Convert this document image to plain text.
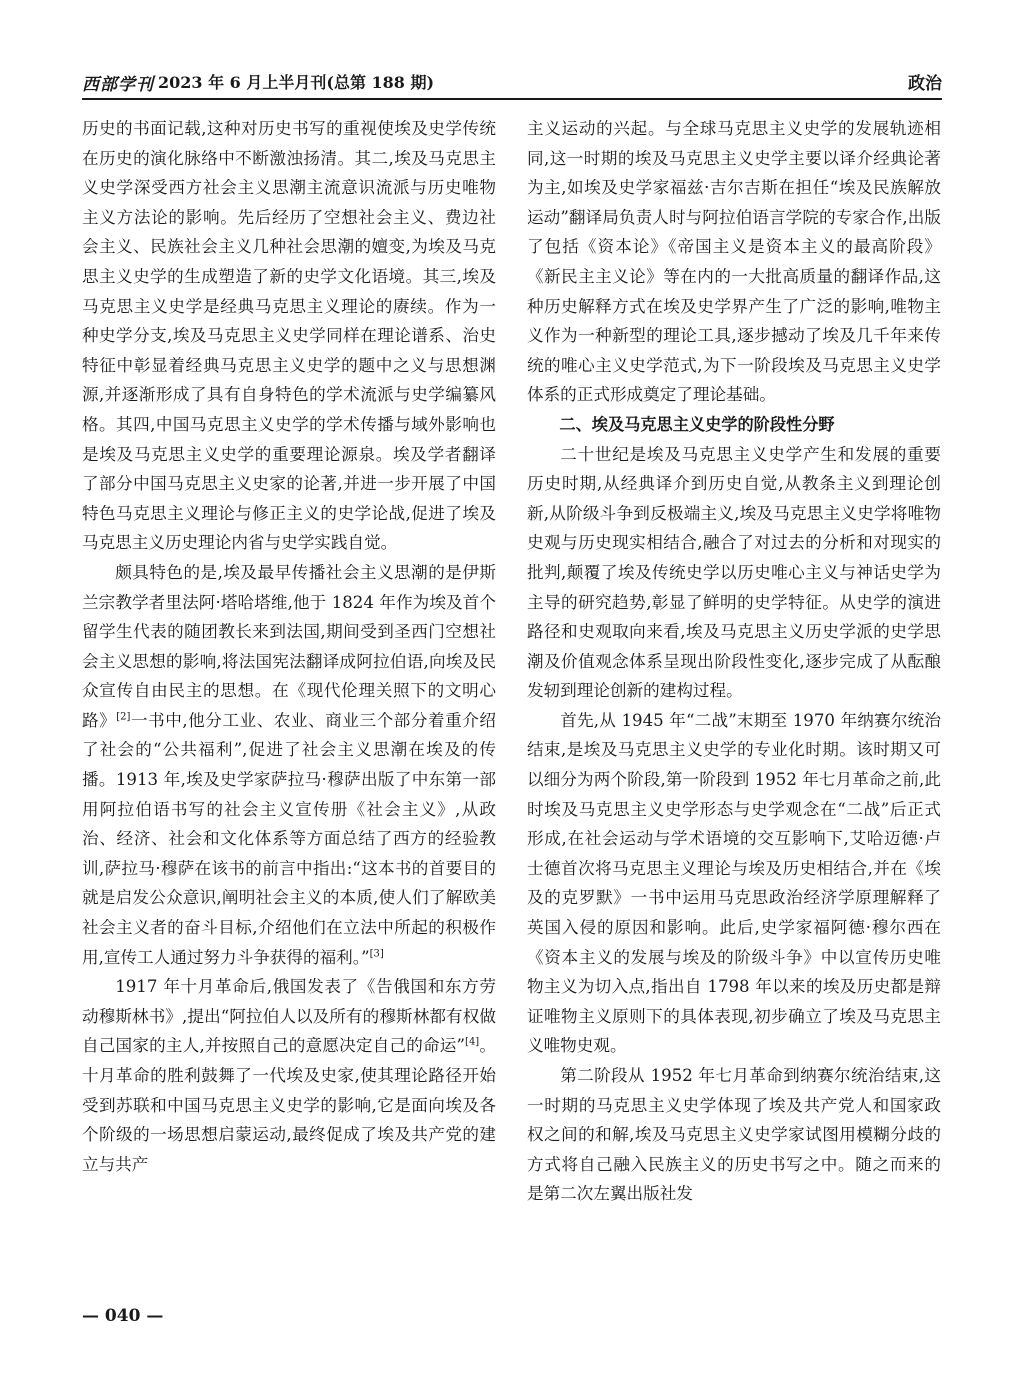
西部学刊 2023 年 6 月上半月刊(总第 188 期)	政治

历史的书面记载,这种对历史书写的重视使埃及史学传统在历史的演化脉络中不断激浊扬清。其二,埃及马克思主义史学深受西方社会主义思潮主流意识流派与历史唯物主义方法论的影响。先后经历了空想社会主义、费边社会主义、民族社会主义几种社会思潮的嬗变,为埃及马克思主义史学的生成塑造了新的史学文化语境。其三,埃及马克思主义史学是经典马克思主义理论的赓续。作为一种史学分支,埃及马克思主义史学同样在理论谱系、治史特征中彰显着经典马克思主义史学的题中之义与思想渊源,并逐渐形成了具有自身特色的学术流派与史学编纂风格。其四,中国马克思主义史学的学术传播与域外影响也是埃及马克思主义史学的重要理论源泉。埃及学者翻译了部分中国马克思主义史家的论著,并进一步开展了中国特色马克思主义理论与修正主义的史学论战,促进了埃及马克思主义历史理论内省与史学实践自觉。

颇具特色的是,埃及最早传播社会主义思潮的是伊斯兰宗教学者里法阿·塔哈塔维,他于 1824 年作为埃及首个留学生代表的随团教长来到法国,期间受到圣西门空想社会主义思想的影响,将法国宪法翻译成阿拉伯语,向埃及民众宣传自由民主的思想。在《现代伦理关照下的文明心路》[2]一书中,他分工业、农业、商业三个部分着重介绍了社会的“公共福利”,促进了社会主义思潮在埃及的传播。1913 年,埃及史学家萨拉马·穆萨出版了中东第一部用阿拉伯语书写的社会主义宣传册《社会主义》,从政治、经济、社会和文化体系等方面总结了西方的经验教训,萨拉马·穆萨在该书的前言中指出:“这本书的首要目的就是启发公众意识,阐明社会主义的本质,使人们了解欧美社会主义者的奋斗目标,介绍他们在立法中所起的积极作用,宣传工人通过努力斗争获得的福利。”[3]

1917 年十月革命后,俄国发表了《告俄国和东方劳动穆斯林书》,提出“阿拉伯人以及所有的穆斯林都有权做自己国家的主人,并按照自己的意愿决定自己的命运”[4]。十月革命的胜利鼓舞了一代埃及史家,使其理论路径开始受到苏联和中国马克思主义史学的影响,它是面向埃及各个阶级的一场思想启蒙运动,最终促成了埃及共产党的建立与共产

主义运动的兴起。与全球马克思主义史学的发展轨迹相同,这一时期的埃及马克思主义史学主要以译介经典论著为主,如埃及史学家福兹·吉尔吉斯在担任“埃及民族解放运动”翻译局负责人时与阿拉伯语言学院的专家合作,出版了包括《资本论》《帝国主义是资本主义的最高阶段》《新民主主义论》等在内的一大批高质量的翻译作品,这种历史解释方式在埃及史学界产生了广泛的影响,唯物主义作为一种新型的理论工具,逐步撼动了埃及几千年来传统的唯心主义史学范式,为下一阶段埃及马克思主义史学体系的正式形成奠定了理论基础。

二、埃及马克思主义史学的阶段性分野

二十世纪是埃及马克思主义史学产生和发展的重要历史时期,从经典译介到历史自觉,从教条主义到理论创新,从阶级斗争到反极端主义,埃及马克思主义史学将唯物史观与历史现实相结合,融合了对过去的分析和对现实的批判,颠覆了埃及传统史学以历史唯心主义与神话史学为主导的研究趋势,彰显了鲜明的史学特征。从史学的演进路径和史观取向来看,埃及马克思主义历史学派的史学思潮及价值观念体系呈现出阶段性变化,逐步完成了从酝酿发轫到理论创新的建构过程。

首先,从 1945 年“二战”末期至 1970 年纳赛尔统治结束,是埃及马克思主义史学的专业化时期。该时期又可以细分为两个阶段,第一阶段到 1952 年七月革命之前,此时埃及马克思主义史学形态与史学观念在“二战”后正式形成,在社会运动与学术语境的交互影响下,艾哈迈德·卢士德首次将马克思主义理论与埃及历史相结合,并在《埃及的克罗默》一书中运用马克思政治经济学原理解释了英国入侵的原因和影响。此后,史学家福阿德·穆尔西在《资本主义的发展与埃及的阶级斗争》中以宣传历史唯物主义为切入点,指出自 1798 年以来的埃及历史都是辩证唯物主义原则下的具体表现,初步确立了埃及马克思主义唯物史观。

第二阶段从 1952 年七月革命到纳赛尔统治结束,这一时期的马克思主义史学体现了埃及共产党人和国家政权之间的和解,埃及马克思主义史学家试图用模糊分歧的方式将自己融入民族主义的历史书写之中。随之而来的是第二次左翼出版社发

— 040 —
